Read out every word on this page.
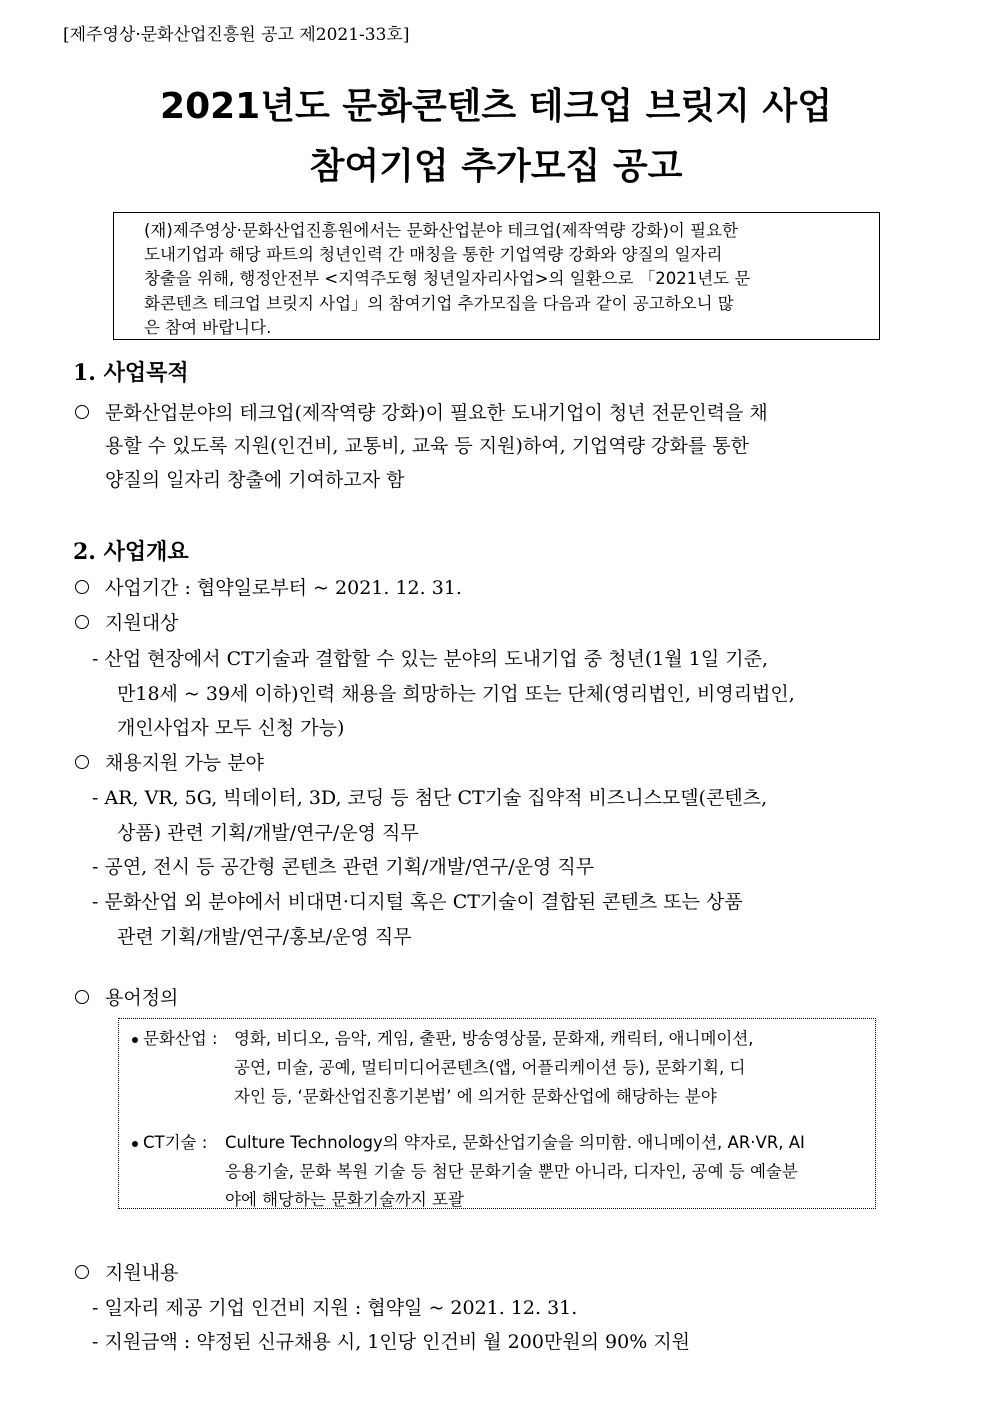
[제주영상·문화산업진흥원 공고 제2021-33호]
2021년도 문화콘텐츠 테크업 브릿지 사업
참여기업 추가모집 공고
(재)제주영상·문화산업진흥원에서는 문화산업분야 테크업(제작역량 강화)이 필요한
도내기업과 해당 파트의 청년인력 간 매칭을 통한 기업역량 강화와 양질의 일자리
창출을 위해, 행정안전부 <지역주도형 청년일자리사업>의 일환으로 「2021년도 문
화콘텐츠 테크업 브릿지 사업」의 참여기업 추가모집을 다음과 같이 공고하오니 많
은 참여 바랍니다.
1. 사업목적
문화산업분야의 테크업(제작역량 강화)이 필요한 도내기업이 청년 전문인력을 채
용할 수 있도록 지원(인건비, 교통비, 교육 등 지원)하여, 기업역량 강화를 통한
양질의 일자리 창출에 기여하고자 함
2. 사업개요
사업기간 : 협약일로부터 ~ 2021. 12. 31.
지원대상
- 산업 현장에서 CT기술과 결합할 수 있는 분야의 도내기업 중 청년(1월 1일 기준,
만18세 ~ 39세 이하)인력 채용을 희망하는 기업 또는 단체(영리법인, 비영리법인,
개인사업자 모두 신청 가능)
채용지원 가능 분야
- AR, VR, 5G, 빅데이터, 3D, 코딩 등 첨단 CT기술 집약적 비즈니스모델(콘텐츠,
상품) 관련 기획/개발/연구/운영 직무
- 공연, 전시 등 공간형 콘텐츠 관련 기획/개발/연구/운영 직무
- 문화산업 외 분야에서 비대면·디지털 혹은 CT기술이 결합된 콘텐츠 또는 상품
관련 기획/개발/연구/홍보/운영 직무
용어정의
문화산업 : 영화, 비디오, 음악, 게임, 출판, 방송영상물, 문화재, 캐릭터, 애니메이션,
공연, 미술, 공예, 멀티미디어콘텐츠(앱, 어플리케이션 등), 문화기획, 디
자인 등, ‘문화산업진흥기본법’ 에 의거한 문화산업에 해당하는 분야
CT기술 : Culture Technology의 약자로, 문화산업기술을 의미함. 애니메이션, AR·VR, AI
응용기술, 문화 복원 기술 등 첨단 문화기술 뿐만 아니라, 디자인, 공예 등 예술분
야에 해당하는 문화기술까지 포괄
지원내용
- 일자리 제공 기업 인건비 지원 : 협약일 ~ 2021. 12. 31.
- 지원금액 : 약정된 신규채용 시, 1인당 인건비 월 200만원의 90% 지원
